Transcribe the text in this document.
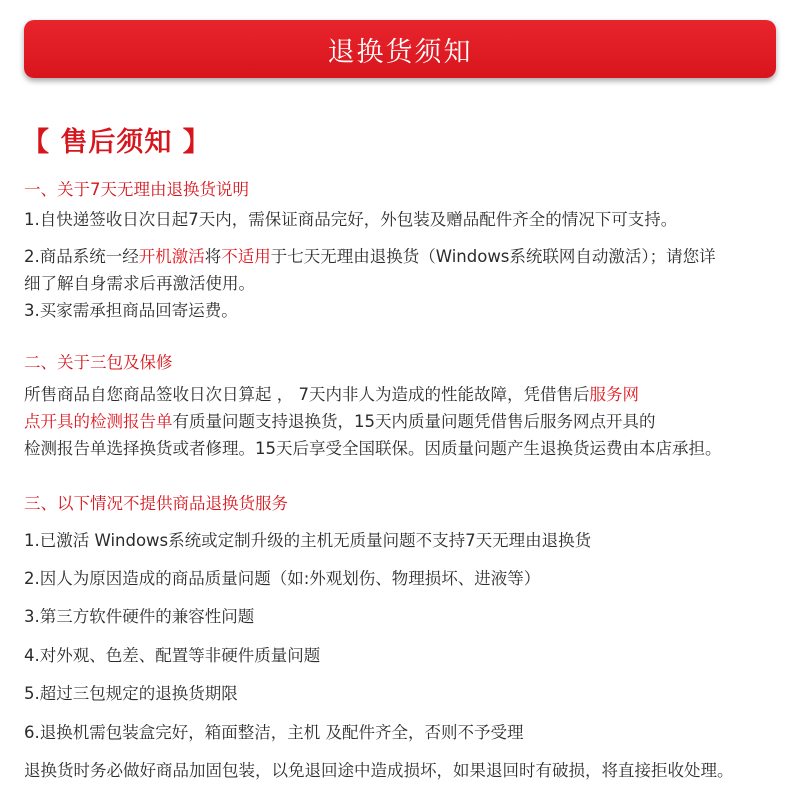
退换货须知
【 售后须知 】
一、关于7天无理由退换货说明
1.自快递签收日次日起7天内，需保证商品完好，外包装及赠品配件齐全的情况下可支持。
2.商品系统一经开机激活将不适用于七天无理由退换货（Windows系统联网自动激活）；请您详
细了解自身需求后再激活使用。
3.买家需承担商品回寄运费。
二、关于三包及保修
所售商品自您商品签收日次日算起 ， 7天内非人为造成的性能故障，凭借售后服务网
点开具的检测报告单有质量问题支持退换货，15天内质量问题凭借售后服务网点开具的
检测报告单选择换货或者修理。15天后享受全国联保。因质量问题产生退换货运费由本店承担。
三、以下情况不提供商品退换货服务
1.已激活 Windows系统或定制升级的主机无质量问题不支持7天无理由退换货
2.因人为原因造成的商品质量问题（如:外观划伤、物理损坏、进液等）
3.第三方软件硬件的兼容性问题
4.对外观、色差、配置等非硬件质量问题
5.超过三包规定的退换货期限
6.退换机需包装盒完好，箱面整洁，主机 及配件齐全，否则不予受理
退换货时务必做好商品加固包装，以免退回途中造成损坏，如果退回时有破损，将直接拒收处理。
